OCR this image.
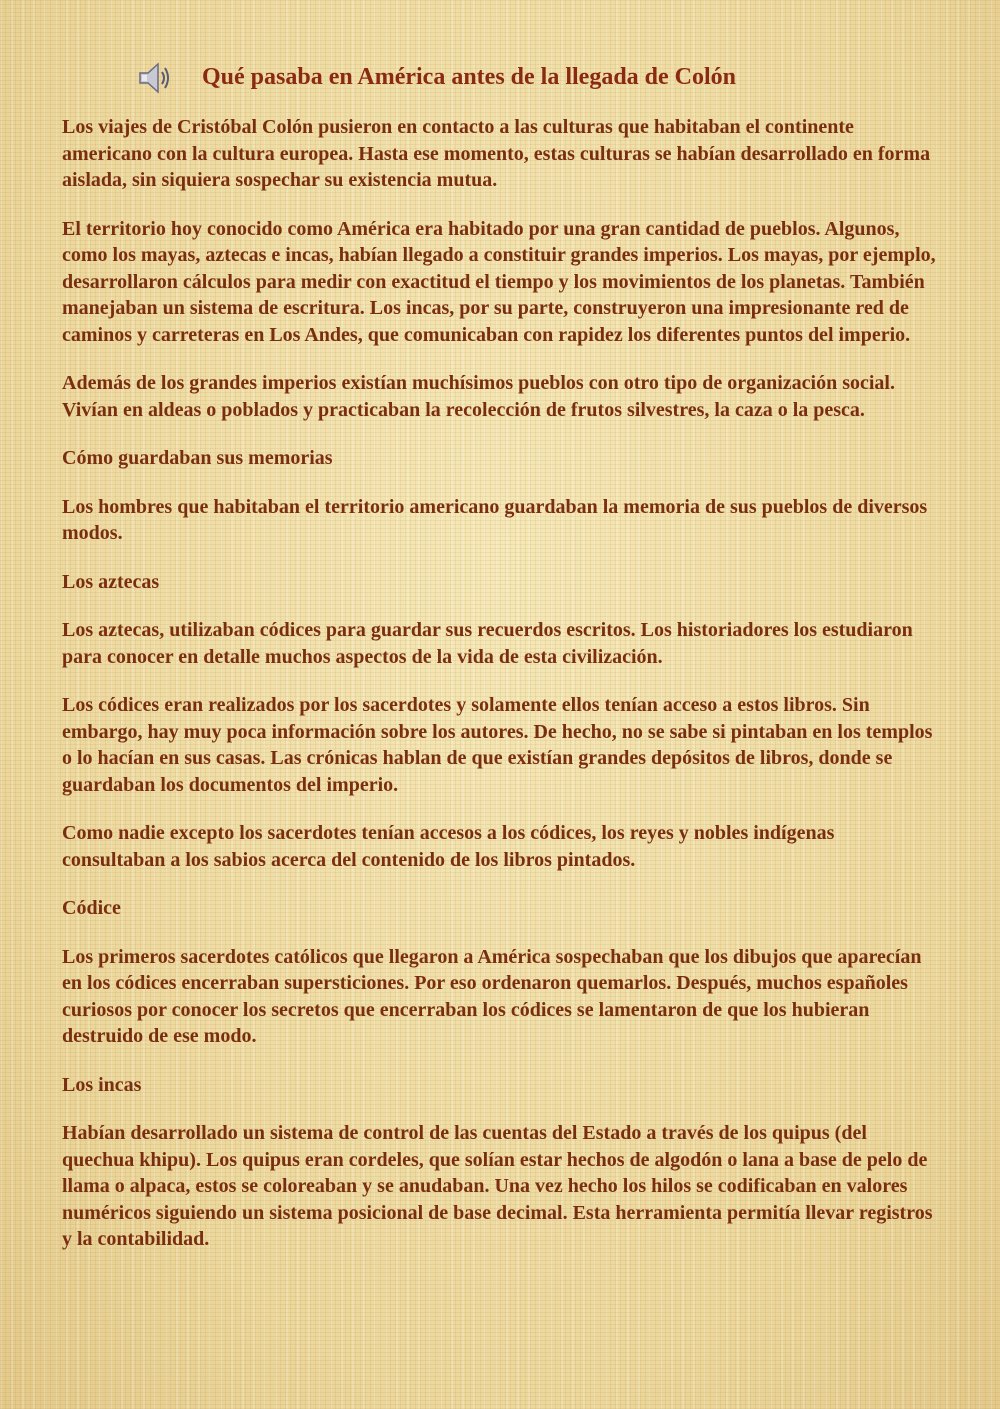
Qué pasaba en América antes de la llegada de Colón

Los viajes de Cristóbal Colón pusieron en contacto a las culturas que habitaban el continente americano con la cultura europea. Hasta ese momento, estas culturas se habían desarrollado en forma aislada, sin siquiera sospechar su existencia mutua.

El territorio hoy conocido como América era habitado por una gran cantidad de pueblos. Algunos, como los mayas, aztecas e incas, habían llegado a constituir grandes imperios. Los mayas, por ejemplo, desarrollaron cálculos para medir con exactitud el tiempo y los movimientos de los planetas. También manejaban un sistema de escritura. Los incas, por su parte, construyeron una impresionante red de caminos y carreteras en Los Andes, que comunicaban con rapidez los diferentes puntos del imperio.

Además de los grandes imperios existían muchísimos pueblos con otro tipo de organización social. Vivían en aldeas o poblados y practicaban la recolección de frutos silvestres, la caza o la pesca.

Cómo guardaban sus memorias

Los hombres que habitaban el territorio americano guardaban la memoria de sus pueblos de diversos modos.

Los aztecas

Los aztecas, utilizaban códices para guardar sus recuerdos escritos. Los historiadores los estudiaron para conocer en detalle muchos aspectos de la vida de esta civilización.

Los códices eran realizados por los sacerdotes y solamente ellos tenían acceso a estos libros. Sin embargo, hay muy poca información sobre los autores. De hecho, no se sabe si pintaban en los templos o lo hacían en sus casas. Las crónicas hablan de que existían grandes depósitos de libros, donde se guardaban los documentos del imperio.

Como nadie excepto los sacerdotes tenían accesos a los códices, los reyes y nobles indígenas consultaban a los sabios acerca del contenido de los libros pintados.

Códice

Los primeros sacerdotes católicos que llegaron a América sospechaban que los dibujos que aparecían en los códices encerraban supersticiones. Por eso ordenaron quemarlos. Después, muchos españoles curiosos por conocer los secretos que encerraban los códices se lamentaron de que los hubieran destruido de ese modo.

Los incas

Habían desarrollado un sistema de control de las cuentas del Estado a través de los quipus (del quechua khipu). Los quipus eran cordeles, que solían estar hechos de algodón o lana a base de pelo de llama o alpaca, estos se coloreaban y se anudaban. Una vez hecho los hilos se codificaban en valores numéricos siguiendo un sistema posicional de base decimal. Esta herramienta permitía llevar registros y la contabilidad.
